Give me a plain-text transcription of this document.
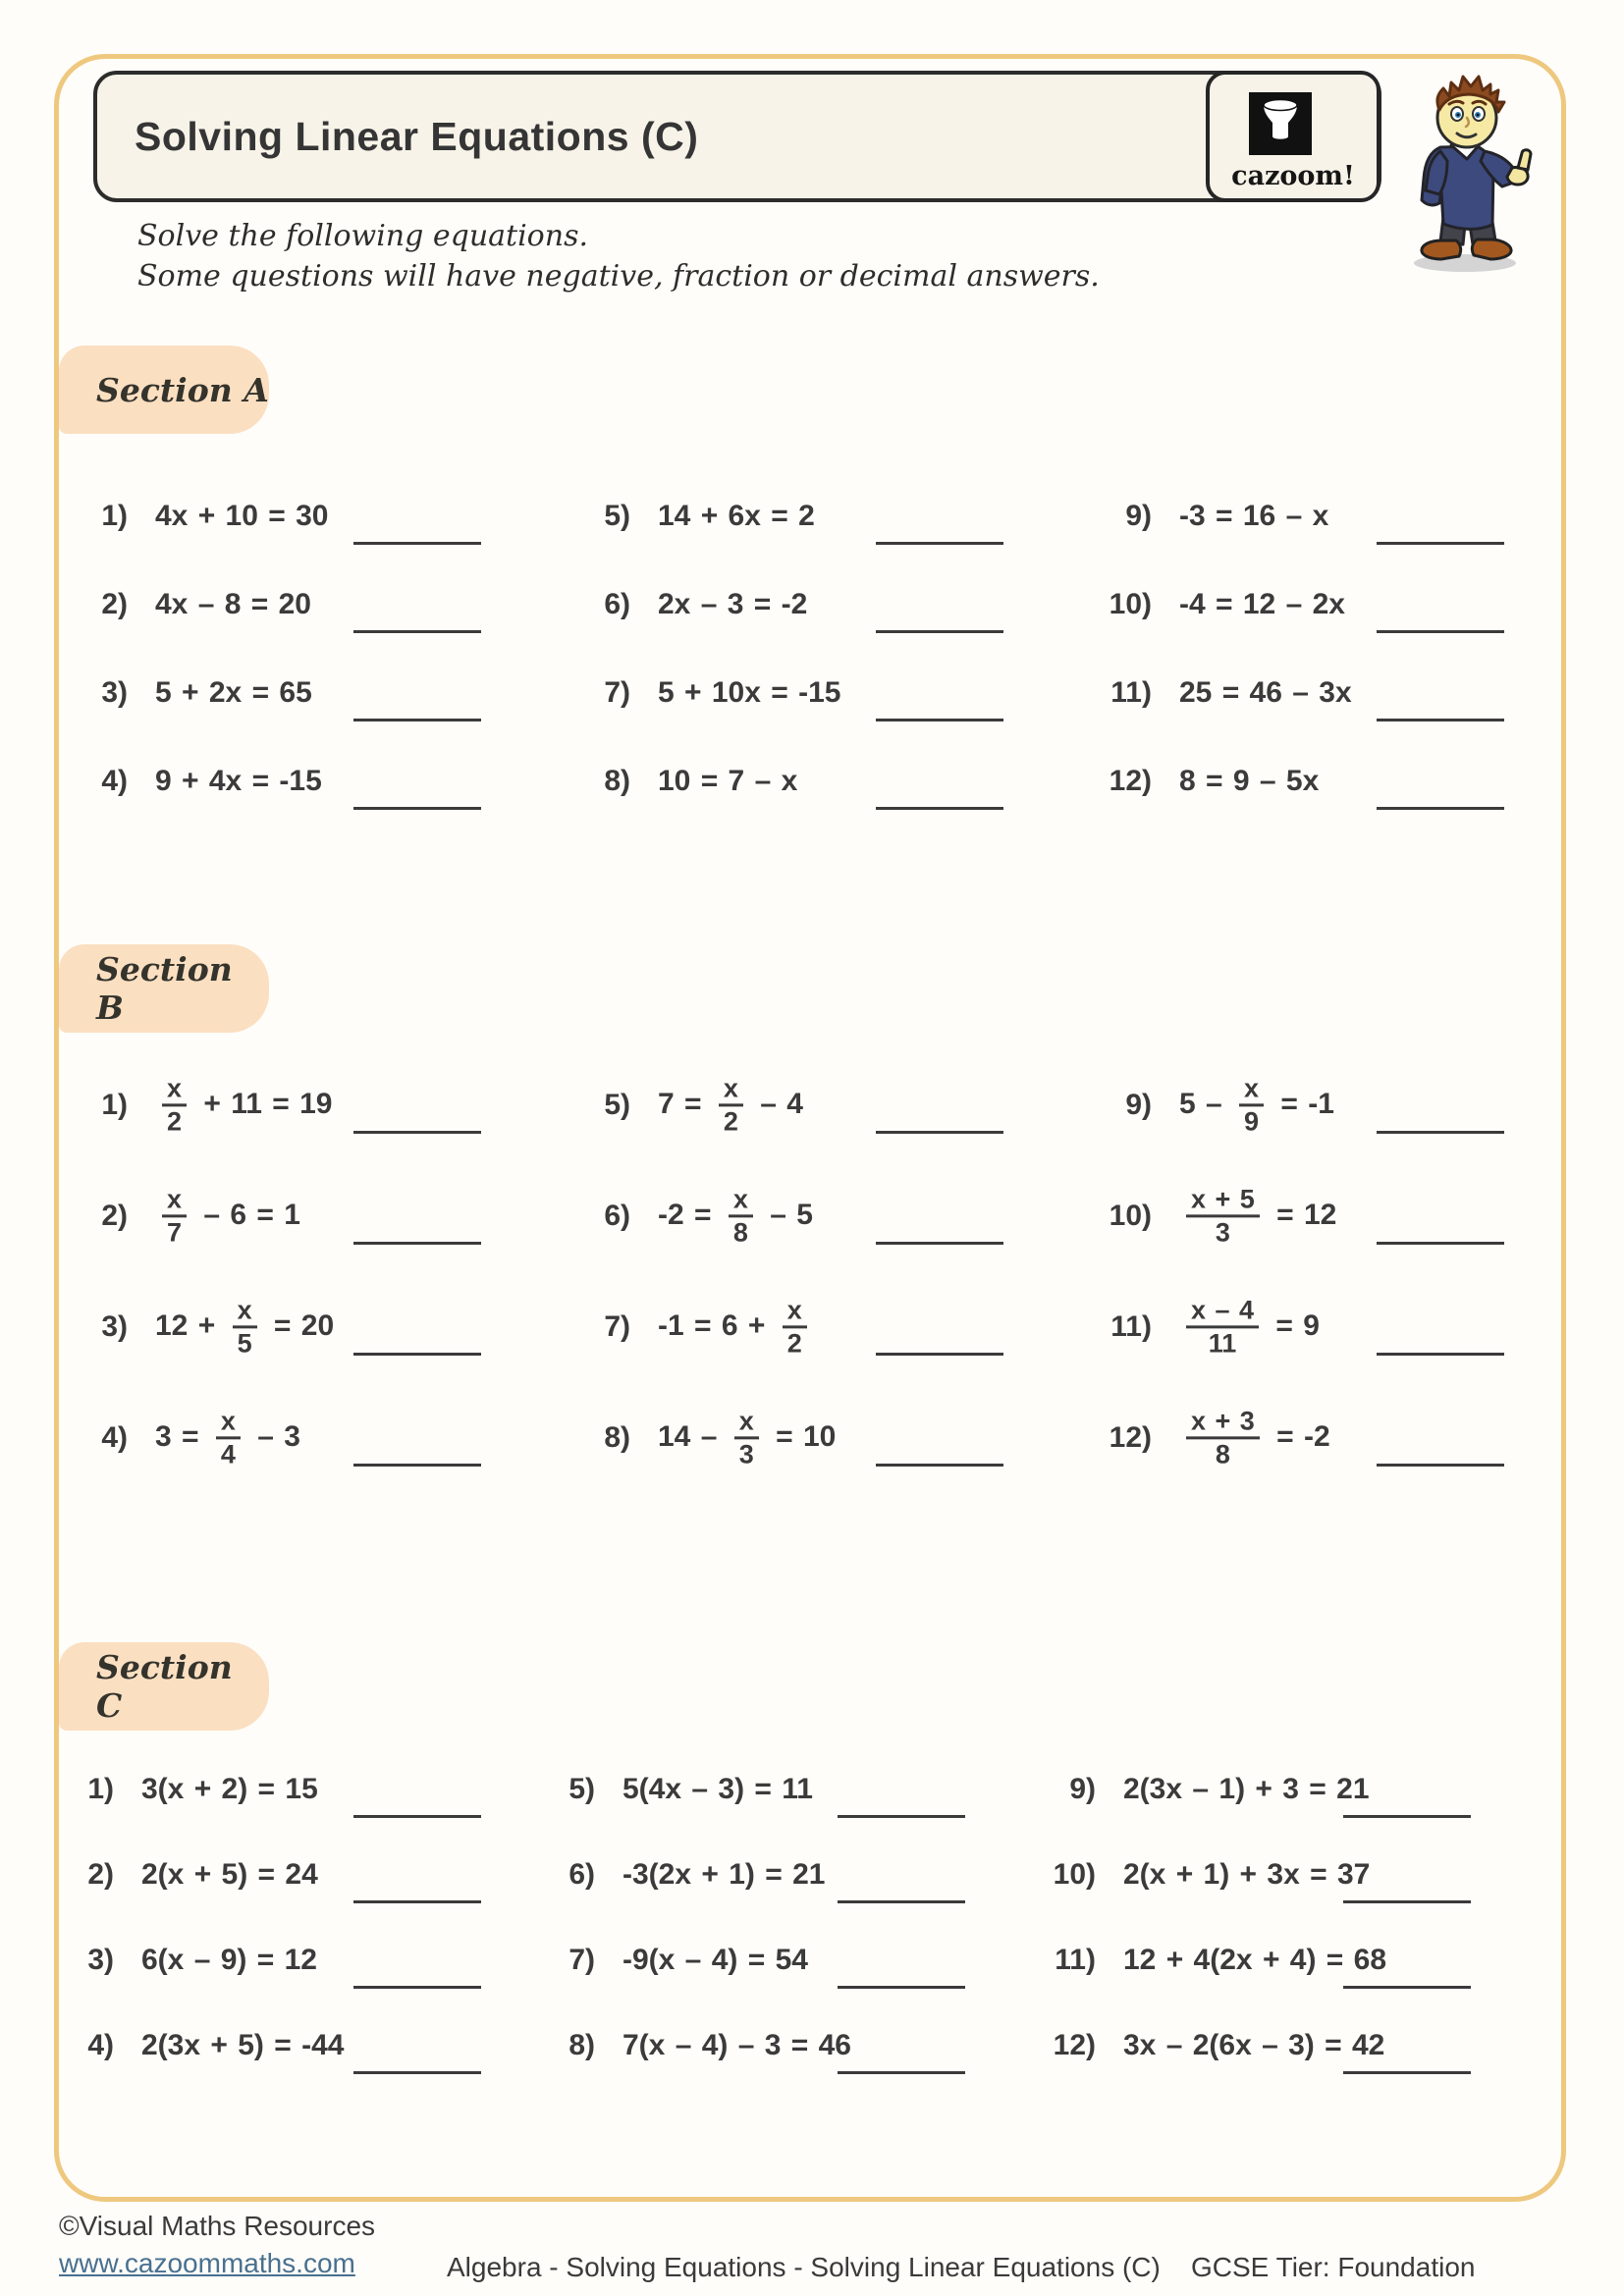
Solving Linear Equations (C)
cazoom!
Solve the following equations.
Some questions will have negative, fraction or decimal answers.
Section A
1) 4x + 10 = 30
2) 4x – 8 = 20
3) 5 + 2x = 65
4) 9 + 4x = -15
5) 14 + 6x = 2
6) 2x – 3 = -2
7) 5 + 10x = -15
8) 10 = 7 – x
9) -3 = 16 – x
10) -4 = 12 – 2x
11) 25 = 46 – 3x
12) 8 = 9 – 5x
Section B
$1) \frac{x}{2} + 11 = 19$
$2) \frac{x}{7} - 6 = 1$
3) $12 + \frac{x}{5} = 20$
4) $3 = \frac{x}{4} - 3$
5) $7 = \frac{x}{2} - 4$
6) $-2 = \frac{x}{8} - 5$
7) $-1 = 6 + \frac{x}{2}$
8) $14 - \frac{x}{3} = 10$
9) $5 - \frac{x}{9} = -1$
$10) \frac{x + 5}{3} = 12$
$11) \frac{x - 4}{11} = 9$
$12) \frac{x + 3}{8} = -2$
Section C
1) 3(x + 2) = 15
2) 2(x + 5) = 24
3) 6(x – 9) = 12
4) 2(3x + 5) = -44
5) 5(4x – 3) = 11
6) -3(2x + 1) = 21
7) -9(x – 4) = 54
8) 7(x – 4) – 3 = 46
9) 2(3x – 1) + 3 = 21
10) 2(x + 1) + 3x = 37
11) 12 + 4(2x + 4) = 68
12) 3x – 2(6x – 3) = 42
©Visual Maths Resources
www.cazoommaths.com	Algebra - Solving Equations - Solving Linear Equations (C) GCSE Tier: Foundation
